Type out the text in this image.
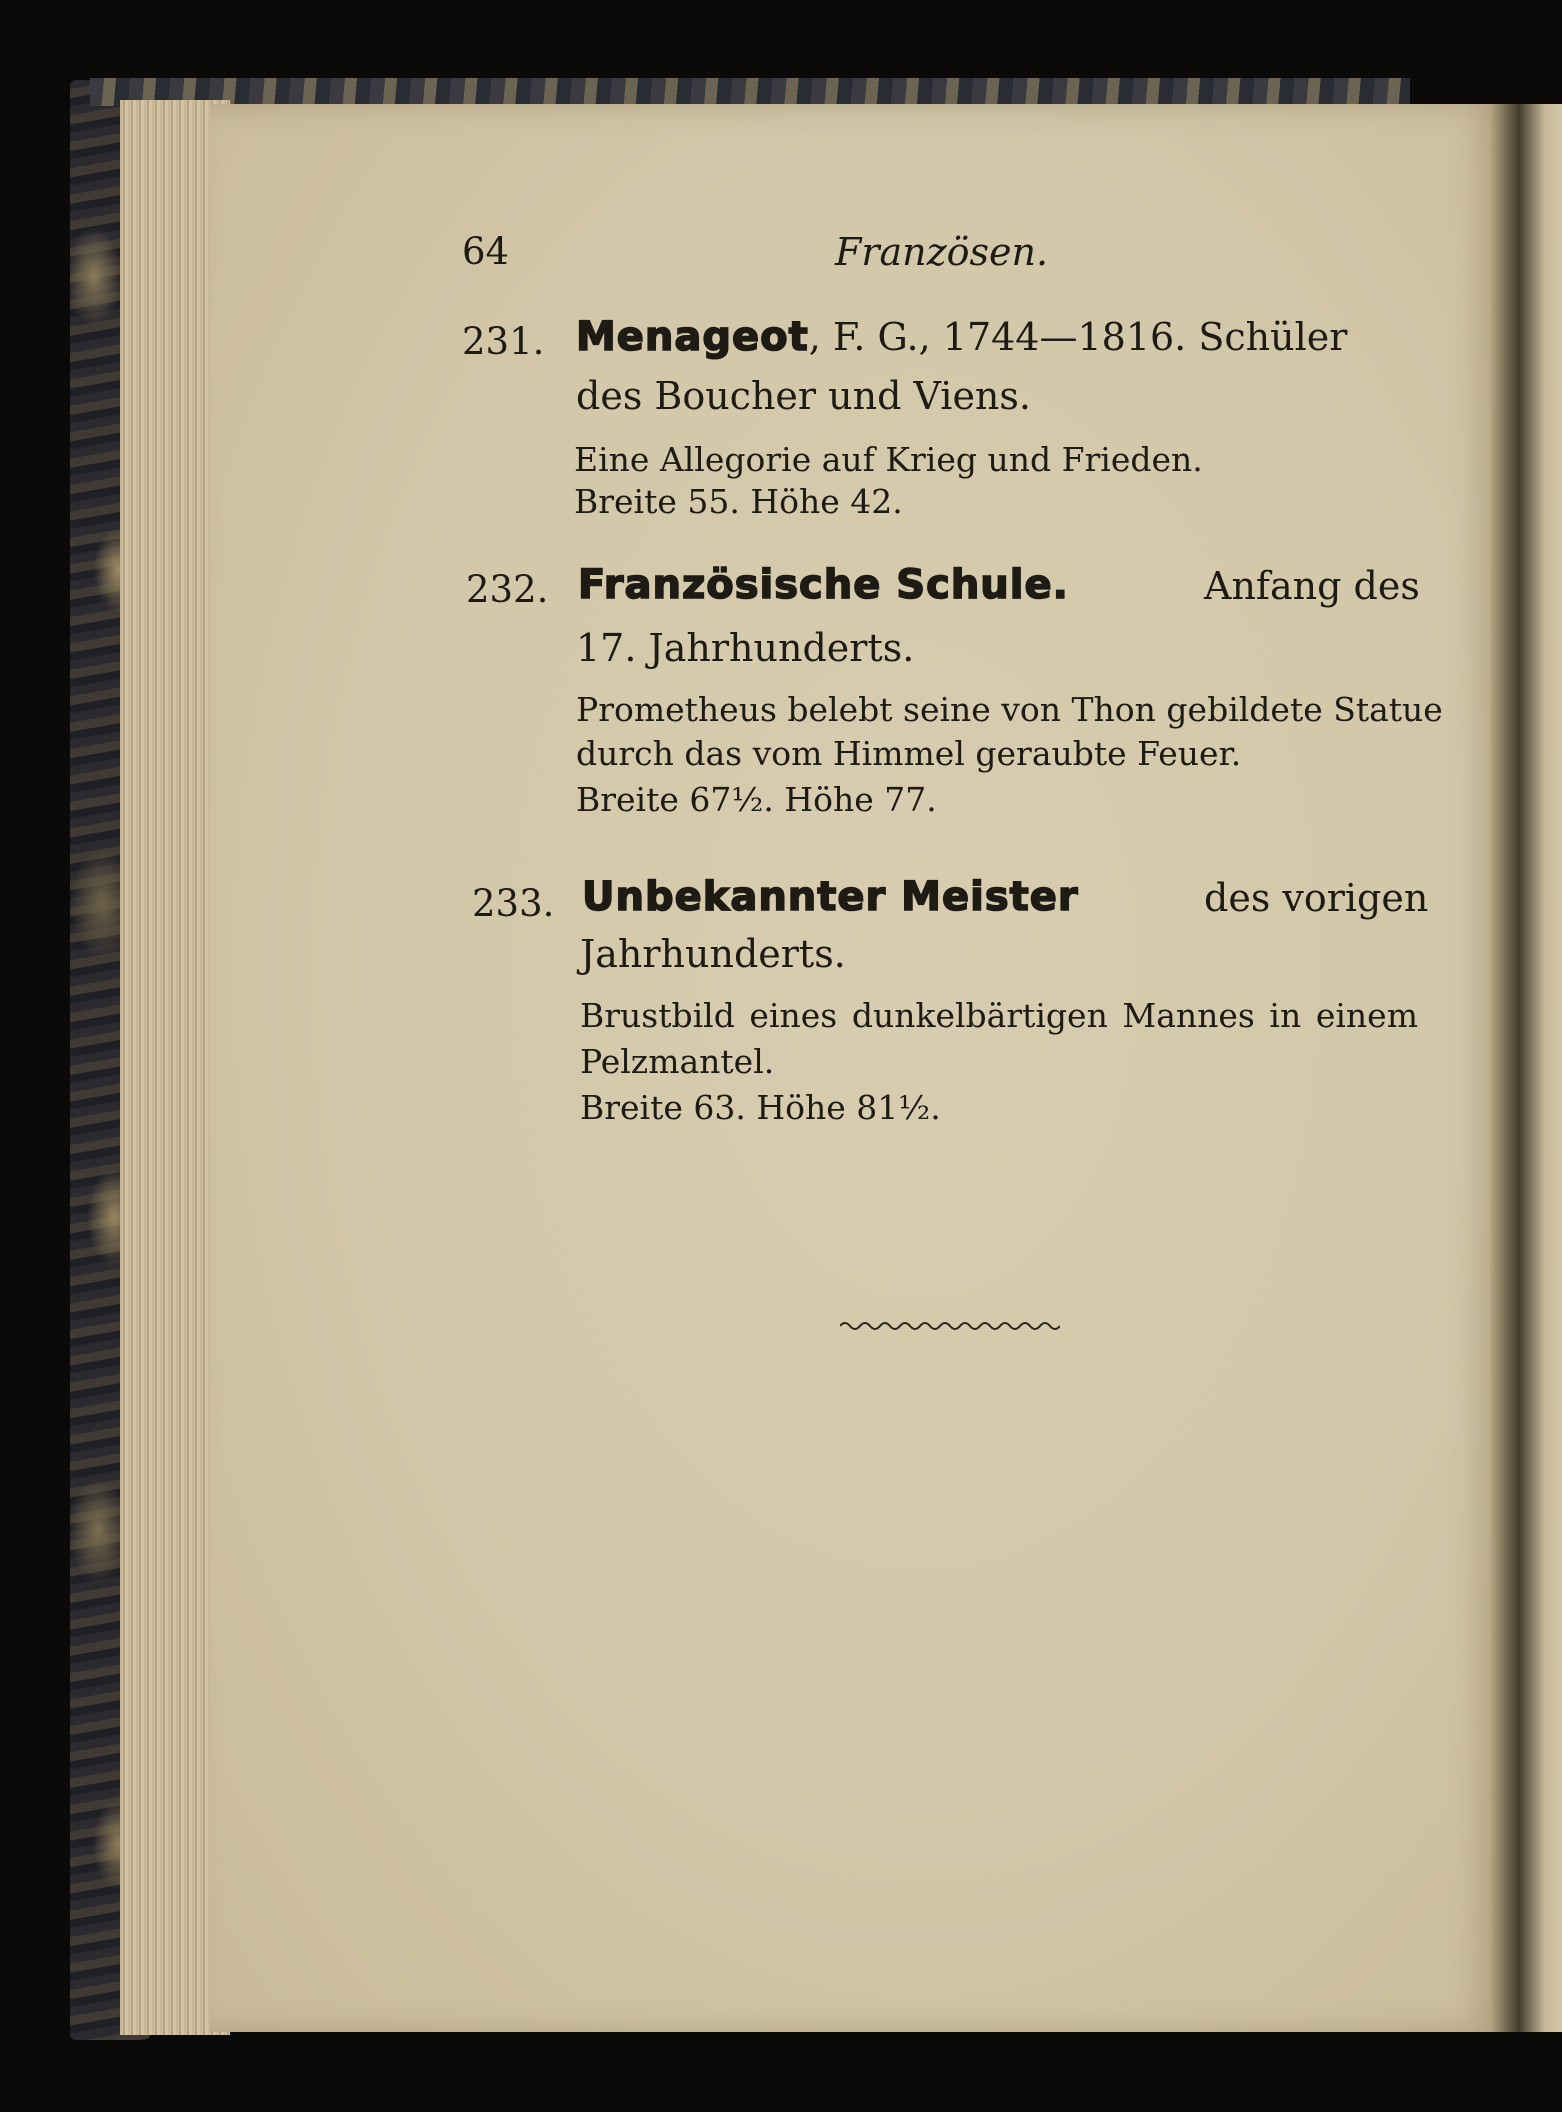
64	Französen.
231. Menageot, F. G., 1744—1816. Schüler
des Boucher und Viens.
Eine Allegorie auf Krieg und Frieden.
Breite 55. Höhe 42.
232. Französische Schule.	Anfang des
17. Jahrhunderts.
Prometheus belebt seine von Thon gebildete Statue
durch das vom Himmel geraubte Feuer.
Breite 67½. Höhe 77.
233. Unbekannter Meister	des vorigen
Jahrhunderts.
Brustbild eines dunkelbärtigen Mannes in einem
Pelzmantel.
Breite 63. Höhe 81½.
